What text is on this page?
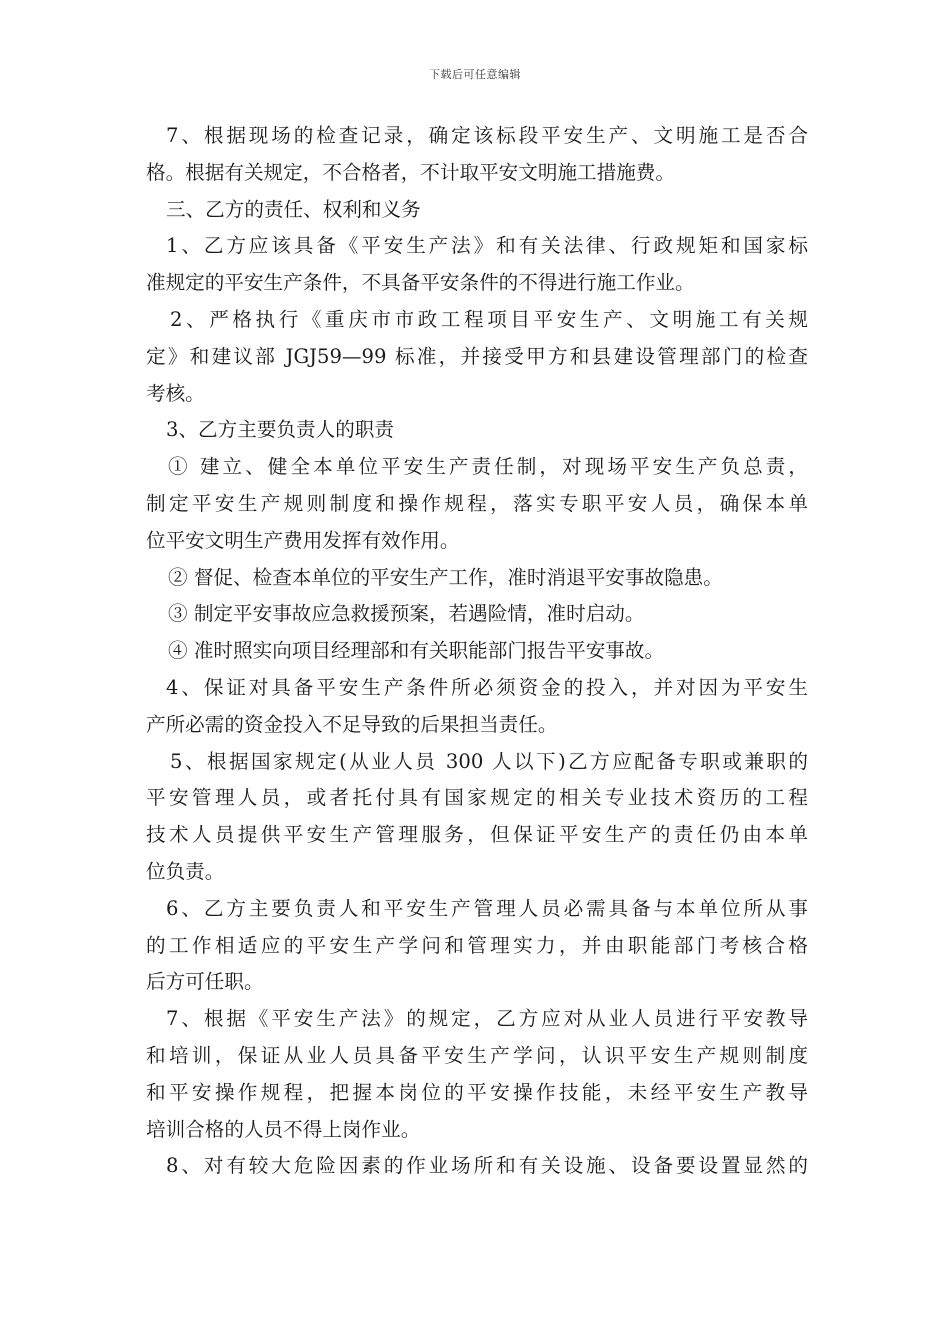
下载后可任意编辑
7、根据现场的检查记录，确定该标段平安生产、文明施工是否合
格。根据有关规定，不合格者，不计取平安文明施工措施费。
三、乙方的责任、权利和义务
1、乙方应该具备《平安生产法》和有关法律、行政规矩和国家标
准规定的平安生产条件，不具备平安条件的不得进行施工作业。
2、严格执行《重庆市市政工程项目平安生产、文明施工有关规
定》和建议部 JGJ59—99 标准，并接受甲方和县建设管理部门的检查
考核。
3、乙方主要负责人的职责
① 建立、健全本单位平安生产责任制，对现场平安生产负总责，
制定平安生产规则制度和操作规程，落实专职平安人员，确保本单
位平安文明生产费用发挥有效作用。
② 督促、检查本单位的平安生产工作，准时消退平安事故隐患。
③ 制定平安事故应急救援预案，若遇险情，准时启动。
④ 准时照实向项目经理部和有关职能部门报告平安事故。
4、保证对具备平安生产条件所必须资金的投入，并对因为平安生
产所必需的资金投入不足导致的后果担当责任。
5、根据国家规定(从业人员 300 人以下)乙方应配备专职或兼职的
平安管理人员，或者托付具有国家规定的相关专业技术资历的工程
技术人员提供平安生产管理服务，但保证平安生产的责任仍由本单
位负责。
6、乙方主要负责人和平安生产管理人员必需具备与本单位所从事
的工作相适应的平安生产学问和管理实力，并由职能部门考核合格
后方可任职。
7、根据《平安生产法》的规定，乙方应对从业人员进行平安教导
和培训，保证从业人员具备平安生产学问，认识平安生产规则制度
和平安操作规程，把握本岗位的平安操作技能，未经平安生产教导
培训合格的人员不得上岗作业。
8、对有较大危险因素的作业场所和有关设施、设备要设置显然的
